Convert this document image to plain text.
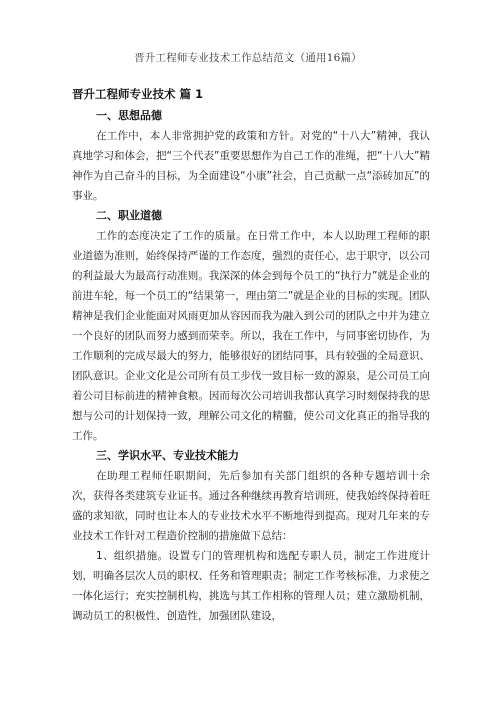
晋升工程师专业技术工作总结范文（通用16篇）

晋升工程师专业技术 篇 1

一、思想品德

在工作中，本人非常拥护党的政策和方针。对党的“十八大”精神，我认真地学习和体会，把“三个代表”重要思想作为自己工作的准绳，把“十八大”精神作为自己奋斗的目标，为全面建设“小康”社会，自己贡献一点“添砖加瓦”的事业。

二、职业道德

工作的态度决定了工作的质量。在日常工作中，本人以助理工程师的职业道德为准则，始终保持严谨的工作态度，强烈的责任心，忠于职守，以公司的利益最大为最高行动准则。我深深的体会到每个员工的“执行力”就是企业的前进车轮，每一个员工的“结果第一，理由第二”就是企业的目标的实现。团队精神是我们企业能面对风雨更加从容因而我为融入到公司的团队之中并为建立一个良好的团队而努力感到而荣幸。所以，我在工作中，与同事密切协作，为工作顺利的完成尽最大的努力，能够很好的团结同事，具有较强的全局意识、团队意识。企业文化是公司所有员工步伐一致目标一致的源泉，是公司员工向着公司目标前进的精神食粮。因而每次公司培训我都认真学习时刻保持我的思想与公司的计划保持一致，理解公司文化的精髓，使公司文化真正的指导我的工作。

三、学识水平、专业技术能力

在助理工程师任职期间，先后参加有关部门组织的各种专题培训十余次，获得各类建筑专业证书。通过各种继续再教育培训班，使我始终保持着旺盛的求知欲，同时也让本人的专业技术水平不断地得到提高。现对几年来的专业技术工作针对工程造价控制的措施做下总结：

1、组织措施。设置专门的管理机构和选配专职人员，制定工作进度计划，明确各层次人员的职权、任务和管理职责；制定工作考核标准，力求使之一体化运行；充实控制机构，挑选与其工作相称的管理人员；建立激励机制，调动员工的积极性、创造性，加强团队建设，
